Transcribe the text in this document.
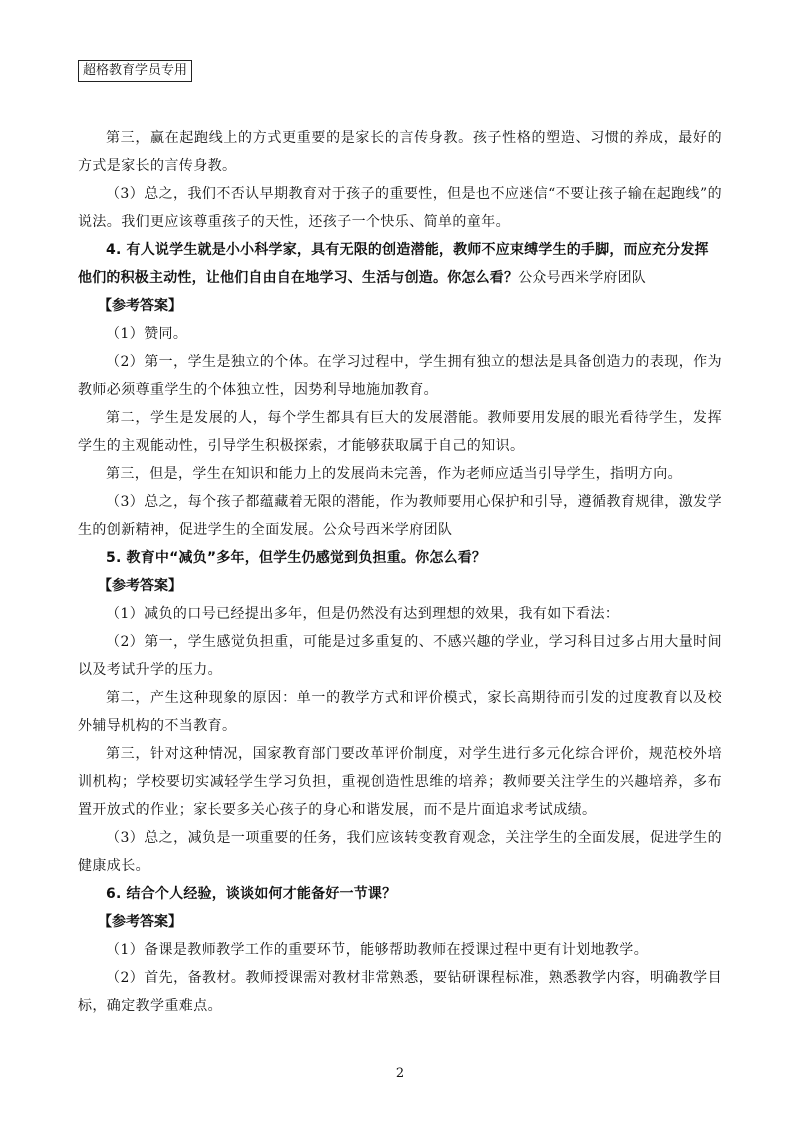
超格教育学员专用

第三，赢在起跑线上的方式更重要的是家长的言传身教。孩子性格的塑造、习惯的养成，最好的方式是家长的言传身教。

（3）总之，我们不否认早期教育对于孩子的重要性，但是也不应迷信“不要让孩子输在起跑线”的说法。我们更应该尊重孩子的天性，还孩子一个快乐、简单的童年。

4. 有人说学生就是小小科学家，具有无限的创造潜能，教师不应束缚学生的手脚，而应充分发挥他们的积极主动性，让他们自由自在地学习、生活与创造。你怎么看？公众号西米学府团队

【参考答案】

（1）赞同。

（2）第一，学生是独立的个体。在学习过程中，学生拥有独立的想法是具备创造力的表现，作为教师必须尊重学生的个体独立性，因势利导地施加教育。

第二，学生是发展的人，每个学生都具有巨大的发展潜能。教师要用发展的眼光看待学生，发挥学生的主观能动性，引导学生积极探索，才能够获取属于自己的知识。

第三，但是，学生在知识和能力上的发展尚未完善，作为老师应适当引导学生，指明方向。

（3）总之，每个孩子都蕴藏着无限的潜能，作为教师要用心保护和引导，遵循教育规律，激发学生的创新精神，促进学生的全面发展。公众号西米学府团队

5. 教育中“减负”多年，但学生仍感觉到负担重。你怎么看？

【参考答案】

（1）减负的口号已经提出多年，但是仍然没有达到理想的效果，我有如下看法：

（2）第一，学生感觉负担重，可能是过多重复的、不感兴趣的学业，学习科目过多占用大量时间以及考试升学的压力。

第二，产生这种现象的原因：单一的教学方式和评价模式，家长高期待而引发的过度教育以及校外辅导机构的不当教育。

第三，针对这种情况，国家教育部门要改革评价制度，对学生进行多元化综合评价，规范校外培训机构；学校要切实减轻学生学习负担，重视创造性思维的培养；教师要关注学生的兴趣培养，多布置开放式的作业；家长要多关心孩子的身心和谐发展，而不是片面追求考试成绩。

（3）总之，减负是一项重要的任务，我们应该转变教育观念，关注学生的全面发展，促进学生的健康成长。

6. 结合个人经验，谈谈如何才能备好一节课？

【参考答案】

（1）备课是教师教学工作的重要环节，能够帮助教师在授课过程中更有计划地教学。

（2）首先，备教材。教师授课需对教材非常熟悉，要钻研课程标准，熟悉教学内容，明确教学目标，确定教学重难点。

2
